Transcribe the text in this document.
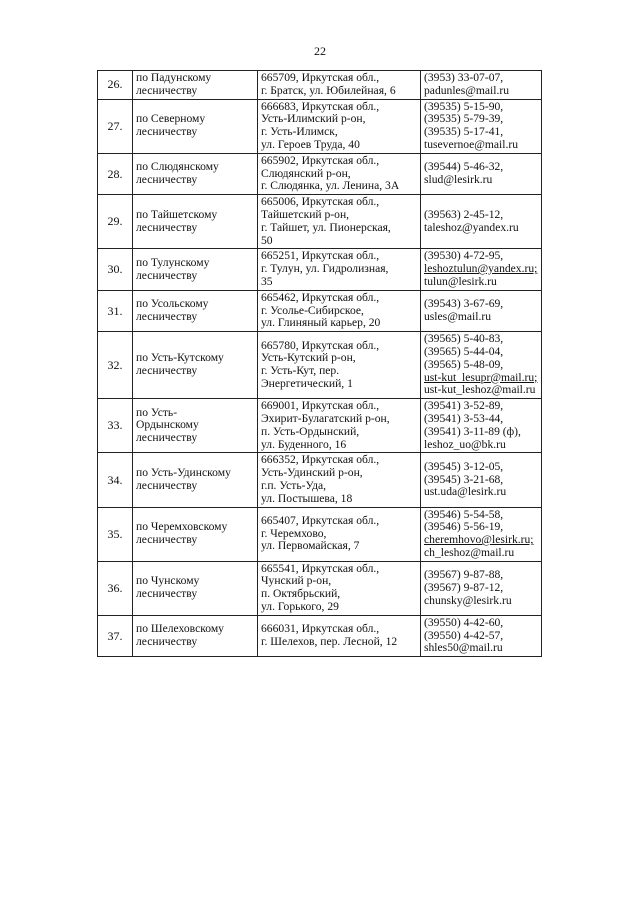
22
26.	по Падунскому
лесничеству	665709, Иркутская обл.,
г. Братск, ул. Юбилейная, 6	(3953) 33-07-07,
padunles@mail.ru

27.	по Северному
лесничеству	666683, Иркутская обл.,
Усть-Илимский р-он,
г. Усть-Илимск,
ул. Героев Труда, 40	(39535) 5-15-90,
(39535) 5-79-39,
(39535) 5-17-41,
tusevernoe@mail.ru

28.	по Слюдянскому
лесничеству	665902, Иркутская обл.,
Слюдянский р-он,
г. Слюдянка, ул. Ленина, 3А	(39544) 5-46-32,
slud@lesirk.ru

29.	по Тайшетскому
лесничеству	665006, Иркутская обл.,
Тайшетский р-он,
г. Тайшет, ул. Пионерская,
50	(39563) 2-45-12,
taleshoz@yandex.ru

30.	по Тулунскому
лесничеству	665251, Иркутская обл.,
г. Тулун, ул. Гидролизная,
35	(39530) 4-72-95,
leshoztulun@yandex.ru;
tulun@lesirk.ru

31.	по Усольскому
лесничеству	665462, Иркутская обл.,
г. Усолье-Сибирское,
ул. Глиняный карьер, 20	(39543) 3-67-69,
usles@mail.ru

32.	по Усть-Кутскому
лесничеству	665780, Иркутская обл.,
Усть-Кутский р-он,
г. Усть-Кут, пер.
Энергетический, 1	(39565) 5-40-83,
(39565) 5-44-04,
(39565) 5-48-09,
ust-kut_lesupr@mail.ru;
ust-kut_leshoz@mail.ru

33.	по Усть-
Ордынскому
лесничеству	669001, Иркутская обл.,
Эхирит-Булагатский р-он,
п. Усть-Ордынский,
ул. Буденного, 16	(39541) 3-52-89,
(39541) 3-53-44,
(39541) 3-11-89 (ф),
leshoz_uo@bk.ru

34.	по Усть-Удинскому
лесничеству	666352, Иркутская обл.,
Усть-Удинский р-он,
г.п. Усть-Уда,
ул. Постышева, 18	(39545) 3-12-05,
(39545) 3-21-68,
ust.uda@lesirk.ru

35.	по Черемховскому
лесничеству	665407, Иркутская обл.,
г. Черемхово,
ул. Первомайская, 7	(39546) 5-54-58,
(39546) 5-56-19,
cheremhovo@lesirk.ru;
ch_leshoz@mail.ru

36.	по Чунскому
лесничеству	665541, Иркутская обл.,
Чунский р-он,
п. Октябрьский,
ул. Горького, 29	(39567) 9-87-88,
(39567) 9-87-12,
chunsky@lesirk.ru

37.	по Шелеховскому
лесничеству	666031, Иркутская обл.,
г. Шелехов, пер. Лесной, 12	(39550) 4-42-60,
(39550) 4-42-57,
shles50@mail.ru
